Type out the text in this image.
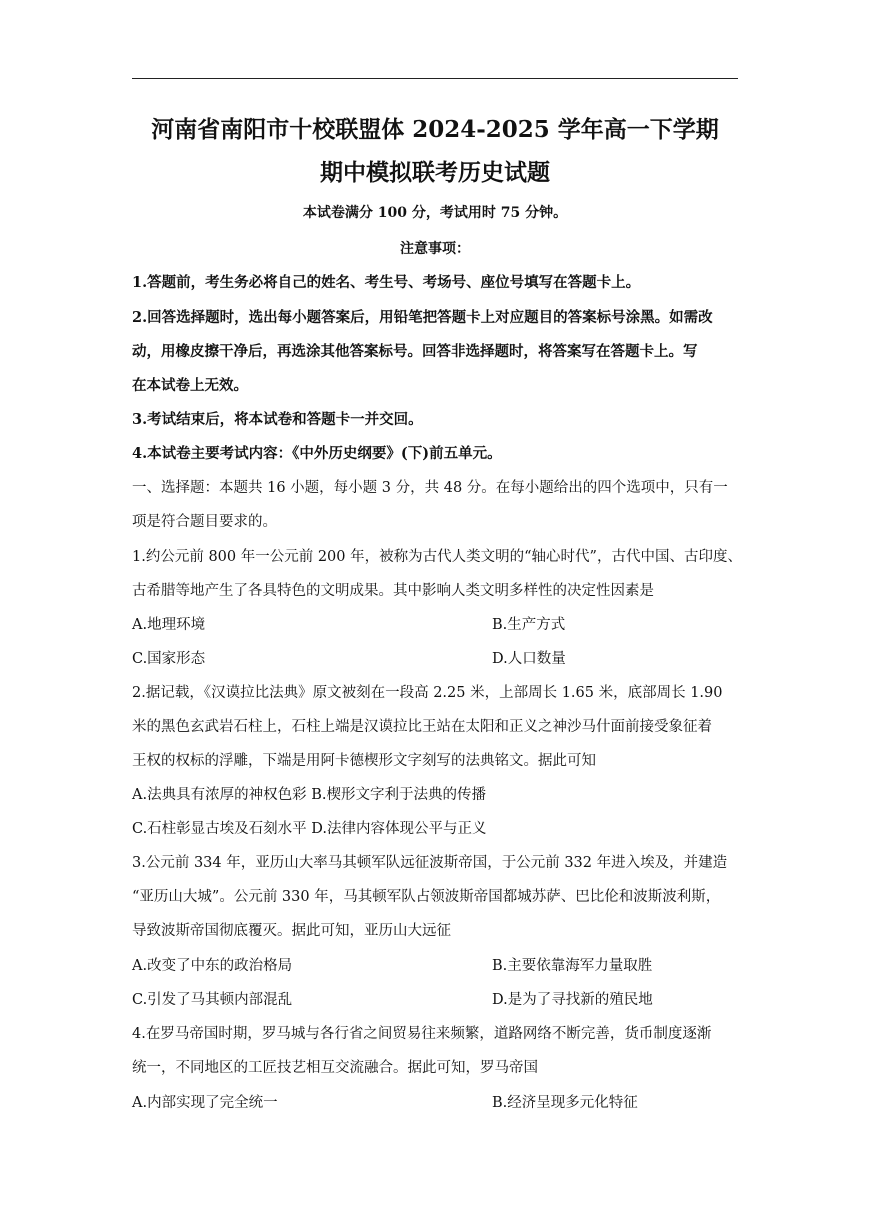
河南省南阳市十校联盟体 2024-2025 学年高一下学期
期中模拟联考历史试题
本试卷满分 100 分，考试用时 75 分钟。
注意事项：
1.答题前，考生务必将自己的姓名、考生号、考场号、座位号填写在答题卡上。
2.回答选择题时，选出每小题答案后，用铅笔把答题卡上对应题目的答案标号涂黑。如需改
动，用橡皮擦干净后，再选涂其他答案标号。回答非选择题时，将答案写在答题卡上。写
在本试卷上无效。
3.考试结束后，将本试卷和答题卡一并交回。
4.本试卷主要考试内容：《中外历史纲要》(下)前五单元。
一、选择题：本题共 16 小题，每小题 3 分，共 48 分。在每小题给出的四个选项中，只有一
项是符合题目要求的。
1.约公元前 800 年一公元前 200 年，被称为古代人类文明的“轴心时代”，古代中国、古印度、
古希腊等地产生了各具特色的文明成果。其中影响人类文明多样性的决定性因素是
A.地理环境	B.生产方式
C.国家形态	D.人口数量
2.据记载，《汉谟拉比法典》原文被刻在一段高 2.25 米，上部周长 1.65 米，底部周长 1.90
米的黑色玄武岩石柱上，石柱上端是汉谟拉比王站在太阳和正义之神沙马什面前接受象征着
王权的权标的浮雕，下端是用阿卡德楔形文字刻写的法典铭文。据此可知
A.法典具有浓厚的神权色彩 B.楔形文字利于法典的传播
C.石柱彰显古埃及石刻水平 D.法律内容体现公平与正义
3.公元前 334 年，亚历山大率马其顿军队远征波斯帝国，于公元前 332 年进入埃及，并建造
“亚历山大城”。公元前 330 年，马其顿军队占领波斯帝国都城苏萨、巴比伦和波斯波利斯，
导致波斯帝国彻底覆灭。据此可知，亚历山大远征
A.改变了中东的政治格局	B.主要依靠海军力量取胜
C.引发了马其顿内部混乱	D.是为了寻找新的殖民地
4.在罗马帝国时期，罗马城与各行省之间贸易往来频繁，道路网络不断完善，货币制度逐渐
统一，不同地区的工匠技艺相互交流融合。据此可知，罗马帝国
A.内部实现了完全统一	B.经济呈现多元化特征
